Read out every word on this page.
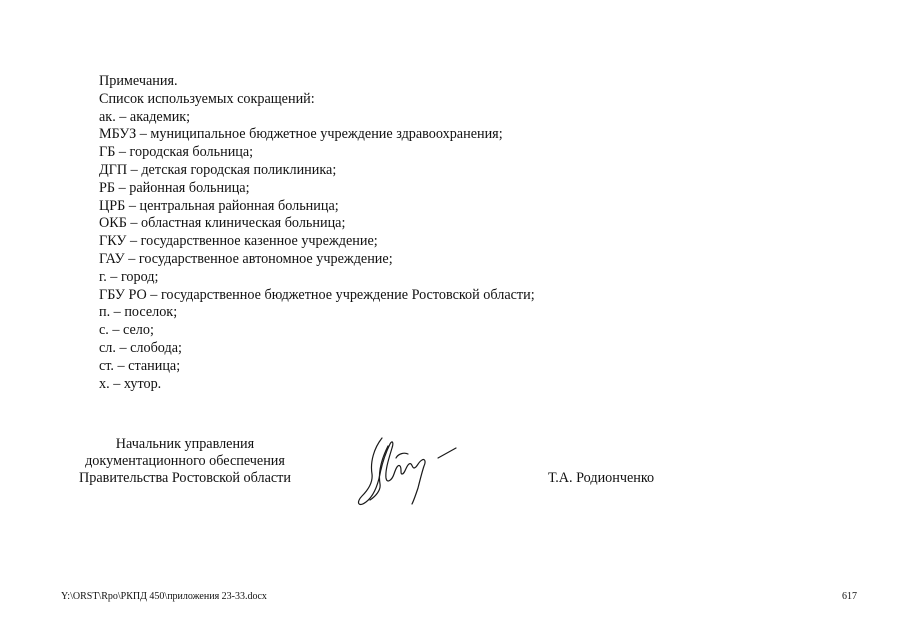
Примечания.
Список используемых сокращений:
ак. – академик;
МБУЗ – муниципальное бюджетное учреждение здравоохранения;
ГБ – городская больница;
ДГП – детская городская поликлиника;
РБ – районная больница;
ЦРБ – центральная районная больница;
ОКБ – областная клиническая больница;
ГКУ – государственное казенное учреждение;
ГАУ – государственное автономное учреждение;
г. – город;
ГБУ РО – государственное бюджетное учреждение Ростовской области;
п. – поселок;
с. – село;
сл. – слобода;
ст. – станица;
х. – хутор.
Начальник управления
документационного обеспечения
Правительства Ростовской области	Т.А. Родионченко
Y:\ORST\Rpo\РКПД 450\приложения 23-33.docx	617
